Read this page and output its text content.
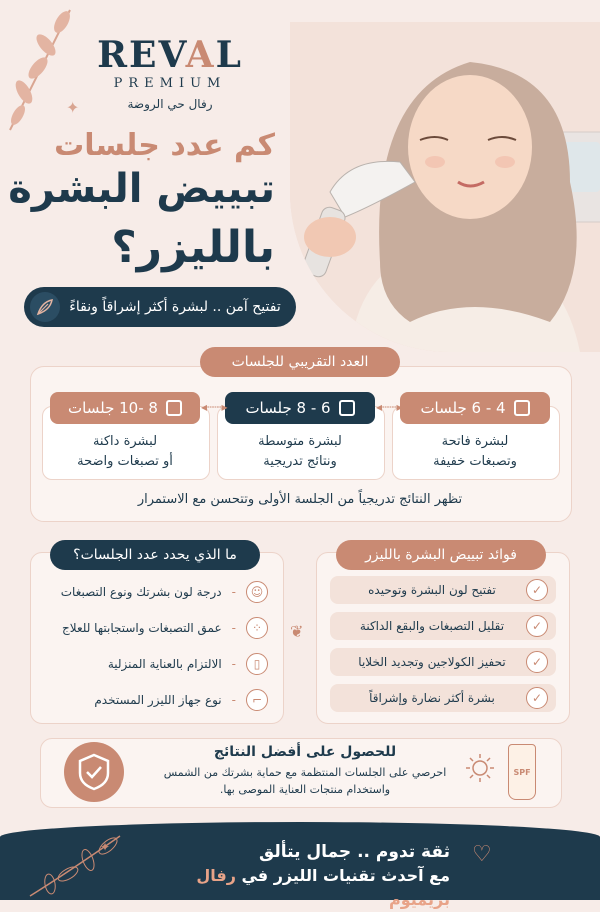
REVAL
PREMIUM
رفال حي الروضة
✦
كم عدد جلسات
تبييض البشرة
بالليزر؟
تفتيح آمن .. لبشرة أكثر إشراقاً ونقاءً
العدد التقريبي للجلسات
4 - 6 جلسات
6 - 8 جلسات
8 -10 جلسات	◂┄┄▸
◂┄┄▸
لبشرة فاتحة
وتصبغات خفيفة
لبشرة متوسطة
ونتائج تدريجية
لبشرة داكنة
أو تصبغات واضحة
تظهر النتائج تدريجياً من الجلسة الأولى وتتحسن مع الاستمرار
ما الذي يحدد عدد الجلسات؟
☺
-
درجة لون بشرتك ونوع التصبغات
⁘
-
عمق التصبغات واستجابتها للعلاج
▯
-
الالتزام بالعناية المنزلية
⌐
-
نوع جهاز الليزر المستخدم
❦
فوائد تبييض البشرة بالليزر
✓
تفتيح لون البشرة وتوحيده
✓
تقليل التصبغات والبقع الداكنة
✓
تحفيز الكولاجين وتجديد الخلايا
✓
بشرة أكثر نضارة وإشراقاً
للحصول على أفضل النتائج
احرصي على الجلسات المنتظمة مع حماية بشرتك من الشمس
واستخدام منتجات العناية الموصى بها.
SPF
✦	♡
ثقة تدوم .. جمال يتألق
مع آحدث تقنيات الليزر في رفال بريميوم
